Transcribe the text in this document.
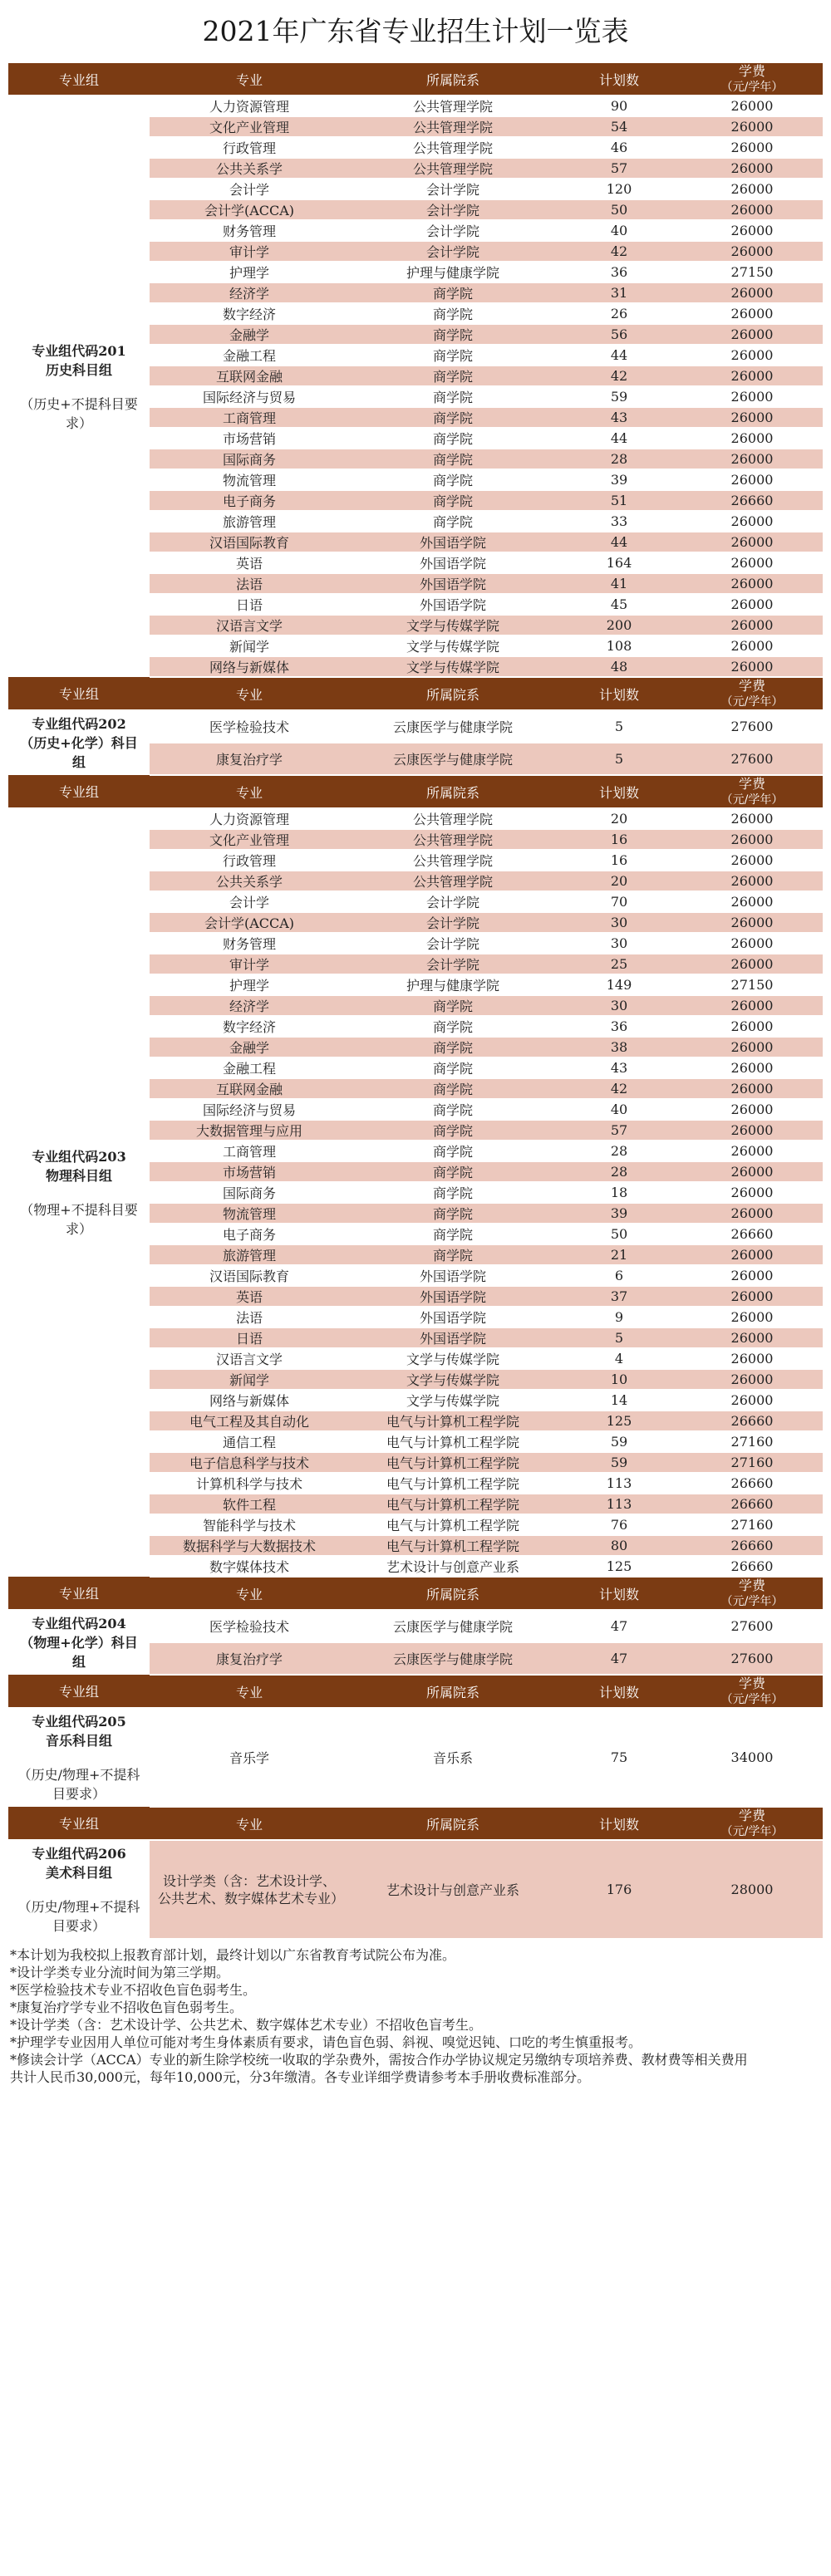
2021年广东省专业招生计划一览表
专业组	专业	所属院系	计划数	学费
（元/学年）

专业组代码201
历史科目组
（历史+不提科目要求）	人力资源管理	公共管理学院	90	26000
	文化产业管理	公共管理学院	54	26000
	行政管理	公共管理学院	46	26000
	公共关系学	公共管理学院	57	26000
	会计学	会计学院	120	26000
	会计学(ACCA)	会计学院	50	26000
	财务管理	会计学院	40	26000
	审计学	会计学院	42	26000
	护理学	护理与健康学院	36	27150
	经济学	商学院	31	26000
	数字经济	商学院	26	26000
	金融学	商学院	56	26000
	金融工程	商学院	44	26000
	互联网金融	商学院	42	26000
	国际经济与贸易	商学院	59	26000
	工商管理	商学院	43	26000
	市场营销	商学院	44	26000
	国际商务	商学院	28	26000
	物流管理	商学院	39	26000
	电子商务	商学院	51	26660
	旅游管理	商学院	33	26000
	汉语国际教育	外国语学院	44	26000
	英语	外国语学院	164	26000
	法语	外国语学院	41	26000
	日语	外国语学院	45	26000
	汉语言文学	文学与传媒学院	200	26000
	新闻学	文学与传媒学院	108	26000
	网络与新媒体	文学与传媒学院	48	26000
专业组	专业	所属院系	计划数	学费
（元/学年）

专业组代码202
（历史+化学）科目组	医学检验技术	云康医学与健康学院	5	27600
	康复治疗学	云康医学与健康学院	5	27600
专业组	专业	所属院系	计划数	学费
（元/学年）

专业组代码203
物理科目组
（物理+不提科目要求）	人力资源管理	公共管理学院	20	26000
	文化产业管理	公共管理学院	16	26000
	行政管理	公共管理学院	16	26000
	公共关系学	公共管理学院	20	26000
	会计学	会计学院	70	26000
	会计学(ACCA)	会计学院	30	26000
	财务管理	会计学院	30	26000
	审计学	会计学院	25	26000
	护理学	护理与健康学院	149	27150
	经济学	商学院	30	26000
	数字经济	商学院	36	26000
	金融学	商学院	38	26000
	金融工程	商学院	43	26000
	互联网金融	商学院	42	26000
	国际经济与贸易	商学院	40	26000
	大数据管理与应用	商学院	57	26000
	工商管理	商学院	28	26000
	市场营销	商学院	28	26000
	国际商务	商学院	18	26000
	物流管理	商学院	39	26000
	电子商务	商学院	50	26660
	旅游管理	商学院	21	26000
	汉语国际教育	外国语学院	6	26000
	英语	外国语学院	37	26000
	法语	外国语学院	9	26000
	日语	外国语学院	5	26000
	汉语言文学	文学与传媒学院	4	26000
	新闻学	文学与传媒学院	10	26000
	网络与新媒体	文学与传媒学院	14	26000
	电气工程及其自动化	电气与计算机工程学院	125	26660
	通信工程	电气与计算机工程学院	59	27160
	电子信息科学与技术	电气与计算机工程学院	59	27160
	计算机科学与技术	电气与计算机工程学院	113	26660
	软件工程	电气与计算机工程学院	113	26660
	智能科学与技术	电气与计算机工程学院	76	27160
	数据科学与大数据技术	电气与计算机工程学院	80	26660
	数字媒体技术	艺术设计与创意产业系	125	26660
专业组	专业	所属院系	计划数	学费
（元/学年）

专业组代码204
（物理+化学）科目组	医学检验技术	云康医学与健康学院	47	27600
	康复治疗学	云康医学与健康学院	47	27600
专业组	专业	所属院系	计划数	学费
（元/学年）

专业组代码205
音乐科目组
（历史/物理+不提科目要求）	音乐学	音乐系	75	34000
专业组	专业	所属院系	计划数	学费
（元/学年）

专业组代码206
美术科目组
（历史/物理+不提科目要求）	设计学类（含：艺术设计学、公共艺术、数字媒体艺术专业）	艺术设计与创意产业系	176	28000

*本计划为我校拟上报教育部计划，最终计划以广东省教育考试院公布为准。

*设计学类专业分流时间为第三学期。

*医学检验技术专业不招收色盲色弱考生。

*康复治疗学专业不招收色盲色弱考生。

*设计学类（含：艺术设计学、公共艺术、数字媒体艺术专业）不招收色盲考生。

*护理学专业因用人单位可能对考生身体素质有要求，请色盲色弱、斜视、嗅觉迟钝、口吃的考生慎重报考。

*修读会计学（ACCA）专业的新生除学校统一收取的学杂费外，需按合作办学协议规定另缴纳专项培养费、教材费等相关费用

共计人民币30,000元，每年10,000元，分3年缴清。各专业详细学费请参考本手册收费标准部分。
